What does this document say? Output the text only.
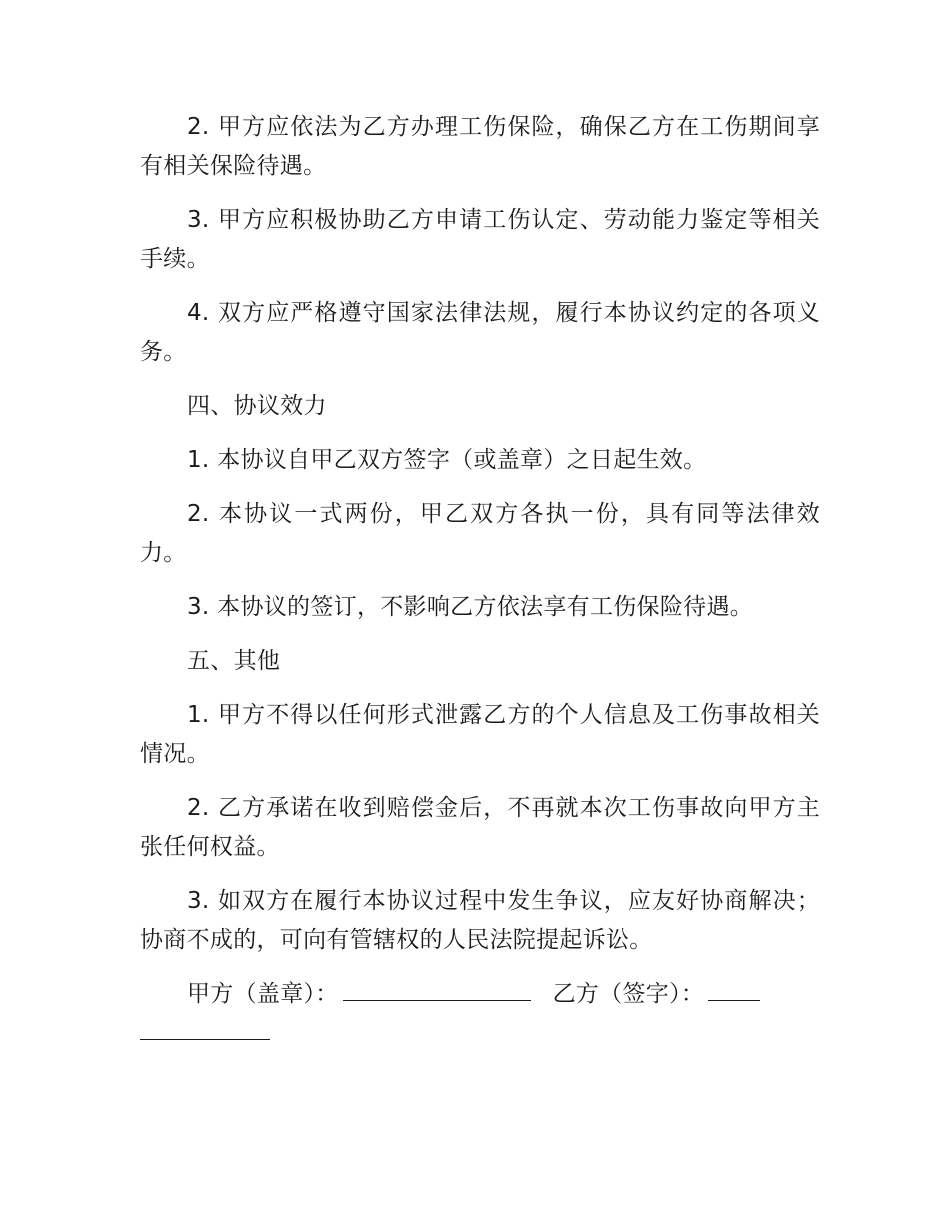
2. 甲方应依法为乙方办理工伤保险，确保乙方在工伤期间享有相关保险待遇。

3. 甲方应积极协助乙方申请工伤认定、劳动能力鉴定等相关手续。

4. 双方应严格遵守国家法律法规，履行本协议约定的各项义务。

四、协议效力

1. 本协议自甲乙双方签字（或盖章）之日起生效。

2. 本协议一式两份，甲乙双方各执一份，具有同等法律效力。

3. 本协议的签订，不影响乙方依法享有工伤保险待遇。

五、其他

1. 甲方不得以任何形式泄露乙方的个人信息及工伤事故相关情况。

2. 乙方承诺在收到赔偿金后，不再就本次工伤事故向甲方主张任何权益。

3. 如双方在履行本协议过程中发生争议，应友好协商解决；协商不成的，可向有管辖权的人民法院提起诉讼。

甲方（盖章）：	乙方（签字）：
